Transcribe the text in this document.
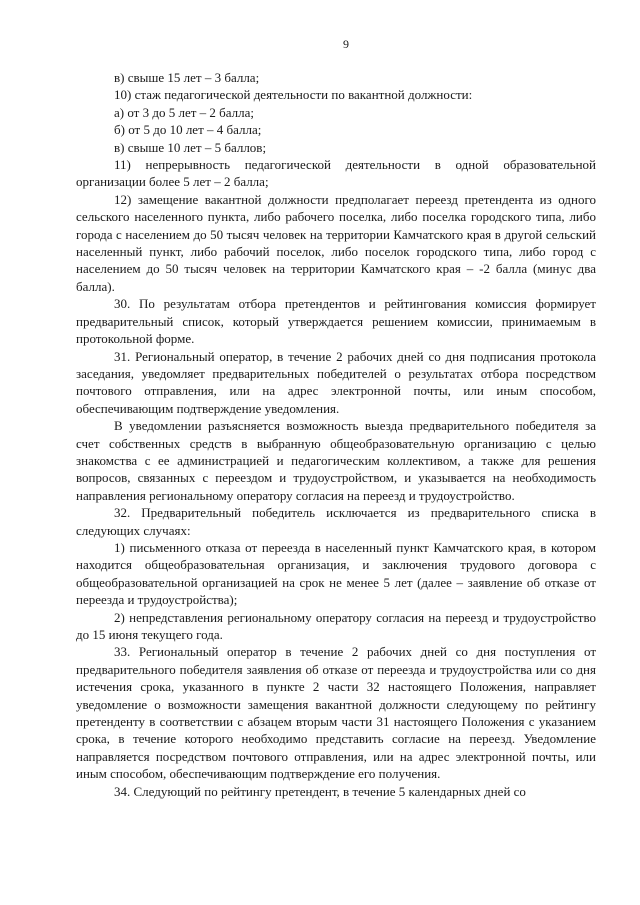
9

в) свыше 15 лет – 3 балла;

10) стаж педагогической деятельности по вакантной должности:

а) от 3 до 5 лет – 2 балла;

б) от 5 до 10 лет – 4 балла;

в) свыше 10 лет – 5 баллов;

11) непрерывность педагогической деятельности в одной образовательной организации более 5 лет – 2 балла;

12) замещение вакантной должности предполагает переезд претендента из одного сельского населенного пункта, либо рабочего поселка, либо поселка городского типа, либо города с населением до 50 тысяч человек на территории Камчатского края в другой сельский населенный пункт, либо рабочий поселок, либо поселок городского типа, либо город с населением до 50 тысяч человек на территории Камчатского края – -2 балла (минус два балла).

30. По результатам отбора претендентов и рейтингования комиссия формирует предварительный список, который утверждается решением комиссии, принимаемым в протокольной форме.

31. Региональный оператор, в течение 2 рабочих дней со дня подписания протокола заседания, уведомляет предварительных победителей о результатах отбора посредством почтового отправления, или на адрес электронной почты, или иным способом, обеспечивающим подтверждение уведомления.

В уведомлении разъясняется возможность выезда предварительного победителя за счет собственных средств в выбранную общеобразовательную организацию с целью знакомства с ее администрацией и педагогическим коллективом, а также для решения вопросов, связанных с переездом и трудоустройством, и указывается на необходимость направления региональному оператору согласия на переезд и трудоустройство.

32. Предварительный победитель исключается из предварительного списка в следующих случаях:

1) письменного отказа от переезда в населенный пункт Камчатского края, в котором находится общеобразовательная организация, и заключения трудового договора с общеобразовательной организацией на срок не менее 5 лет (далее – заявление об отказе от переезда и трудоустройства);

2) непредставления региональному оператору согласия на переезд и трудоустройство до 15 июня текущего года.

33. Региональный оператор в течение 2 рабочих дней со дня поступления от предварительного победителя заявления об отказе от переезда и трудоустройства или со дня истечения срока, указанного в пункте 2 части 32 настоящего Положения, направляет уведомление о возможности замещения вакантной должности следующему по рейтингу претенденту в соответствии с абзацем вторым части 31 настоящего Положения с указанием срока, в течение которого необходимо представить согласие на переезд. Уведомление направляется посредством почтового отправления, или на адрес электронной почты, или иным способом, обеспечивающим подтверждение его получения.

34. Следующий по рейтингу претендент, в течение 5 календарных дней со
